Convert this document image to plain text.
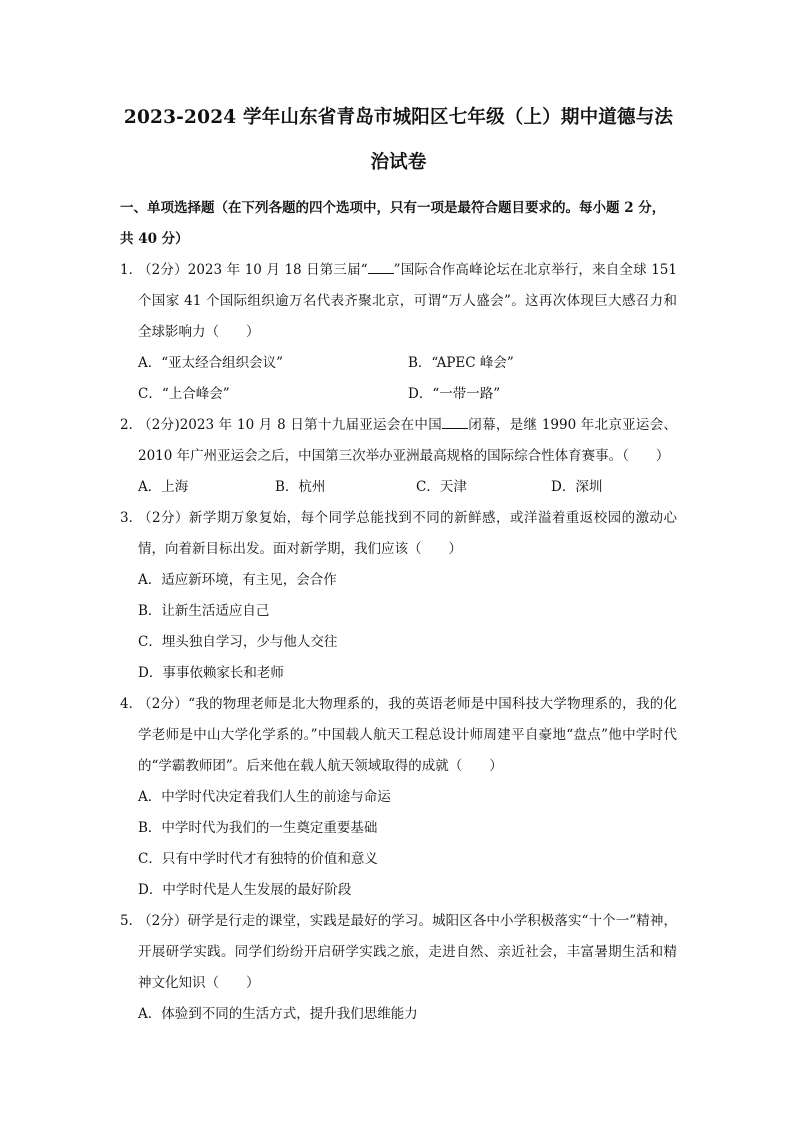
2023-2024 学年山东省青岛市城阳区七年级（上）期中道德与法
治试卷
一、单项选择题（在下列各题的四个选项中，只有一项是最符合题目要求的。每小题 2 分，
共 40 分）
1．
（2分）2023 年 10 月 18 日第三届“ ”国际合作高峰论坛在北京举行，来自全球 151 个国家 41 个国际组织逾万名代表齐聚北京，可谓“万人盛会”。这再次体现巨大感召力和全球影响力（　　）
A．“亚太经合组织会议”	B．“APEC 峰会”
C．“上合峰会”	D．“一带一路”
2．
（2分)2023 年 10 月 8 日第十九届亚运会在中国 闭幕，是继 1990 年北京亚运会、2010 年广州亚运会之后，中国第三次举办亚洲最高规格的国际综合性体育赛事。（　　）
A．上海	B．杭州	C．天津	D．深圳
3．
（2分）新学期万象复始，每个同学总能找到不同的新鲜感，或洋溢着重返校园的激动心情，向着新目标出发。面对新学期，我们应该（　　）
A．适应新环境，有主见，会合作
B．让新生活适应自己
C．埋头独自学习，少与他人交往
D．事事依赖家长和老师
4．
（2分）“我的物理老师是北大物理系的，我的英语老师是中国科技大学物理系的，我的化学老师是中山大学化学系的。”中国载人航天工程总设计师周建平自豪地“盘点”他中学时代的“学霸教师团”。后来他在载人航天领域取得的成就（　　）
A．中学时代决定着我们人生的前途与命运
B．中学时代为我们的一生奠定重要基础
C．只有中学时代才有独特的价值和意义
D．中学时代是人生发展的最好阶段
5．
（2分）研学是行走的课堂，实践是最好的学习。城阳区各中小学积极落实“十个一”精神，开展研学实践。同学们纷纷开启研学实践之旅，走进自然、亲近社会，丰富暑期生活和精神文化知识（　　）
A．体验到不同的生活方式，提升我们思维能力
